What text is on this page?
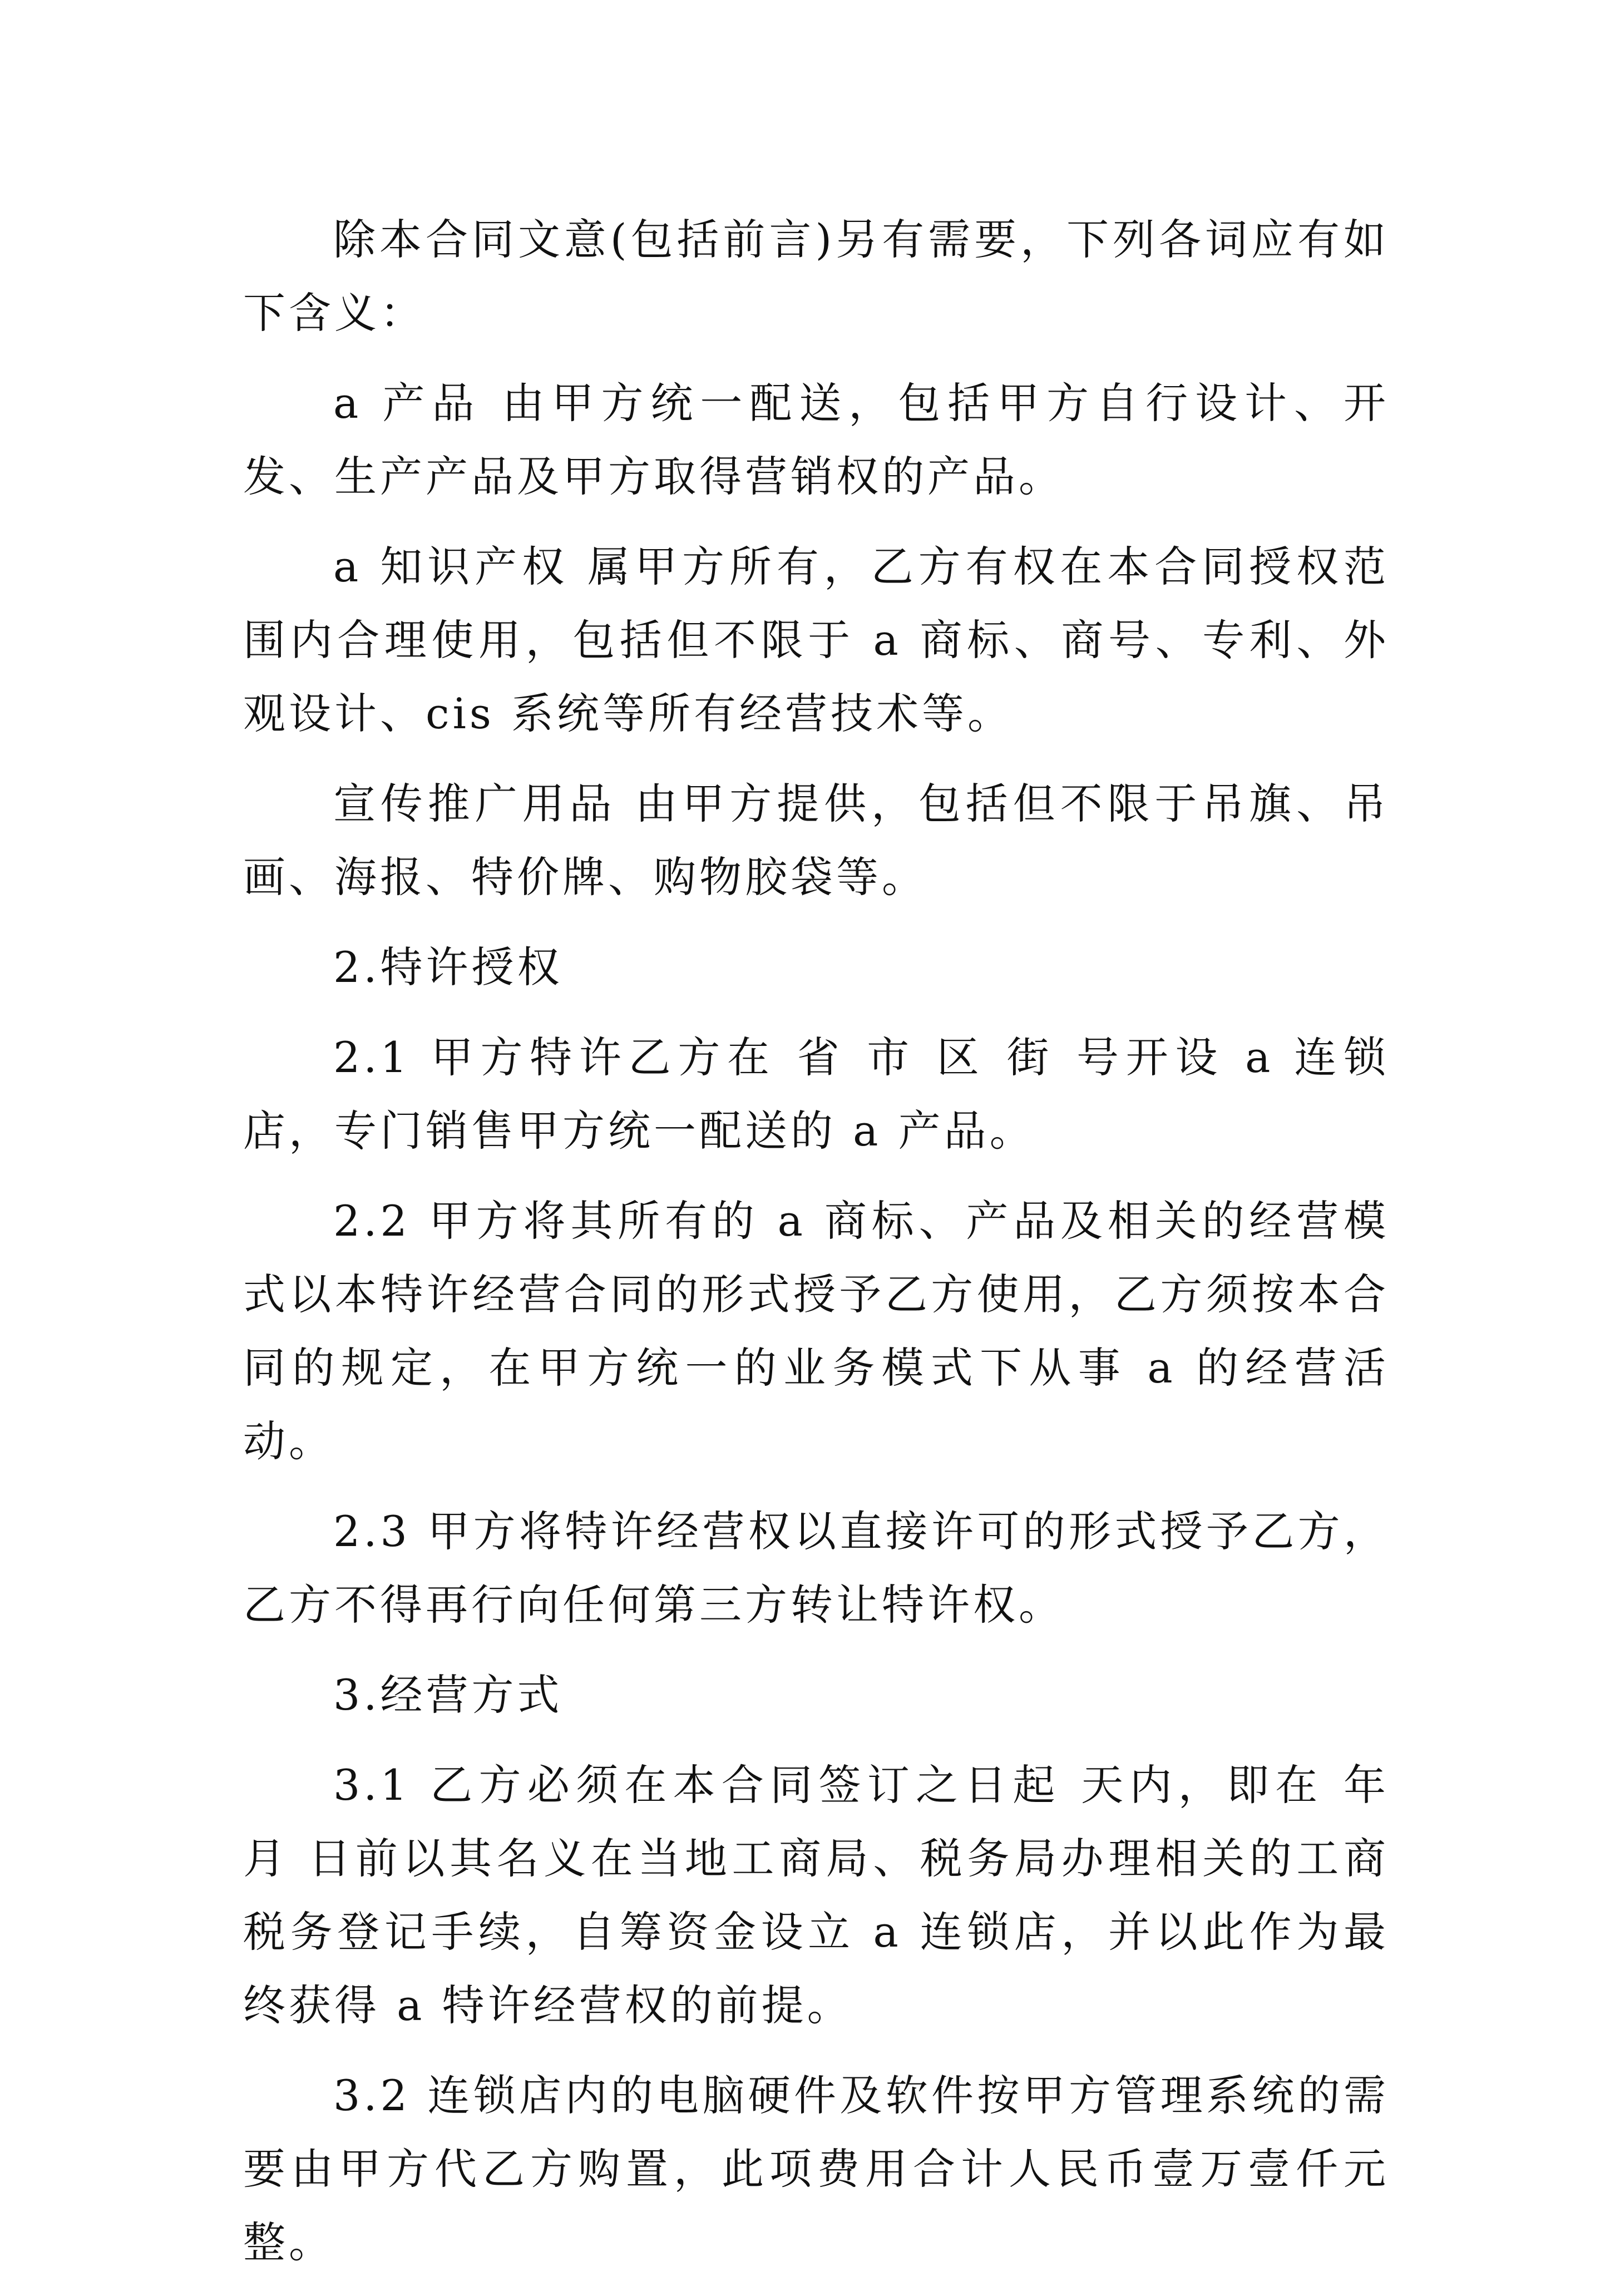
除本合同文意(包括前言)另有需要，下列各词应有如下含义：

a 产品 由甲方统一配送，包括甲方自行设计、开发、生产产品及甲方取得营销权的产品。

a 知识产权 属甲方所有，乙方有权在本合同授权范围内合理使用，包括但不限于 a 商标、商号、专利、外观设计、cis 系统等所有经营技术等。

宣传推广用品 由甲方提供，包括但不限于吊旗、吊画、海报、特价牌、购物胶袋等。

2.特许授权

2.1 甲方特许乙方在 省 市 区 街 号开设 a 连锁店，专门销售甲方统一配送的 a 产品。

2.2 甲方将其所有的 a 商标、产品及相关的经营模式以本特许经营合同的形式授予乙方使用，乙方须按本合同的规定，在甲方统一的业务模式下从事 a 的经营活动。

2.3 甲方将特许经营权以直接许可的形式授予乙方，乙方不得再行向任何第三方转让特许权。

3.经营方式

3.1 乙方必须在本合同签订之日起 天内，即在 年 月 日前以其名义在当地工商局、税务局办理相关的工商税务登记手续，自筹资金设立 a 连锁店，并以此作为最终获得 a 特许经营权的前提。

3.2 连锁店内的电脑硬件及软件按甲方管理系统的需要由甲方代乙方购置，此项费用合计人民币壹万壹仟元整。
